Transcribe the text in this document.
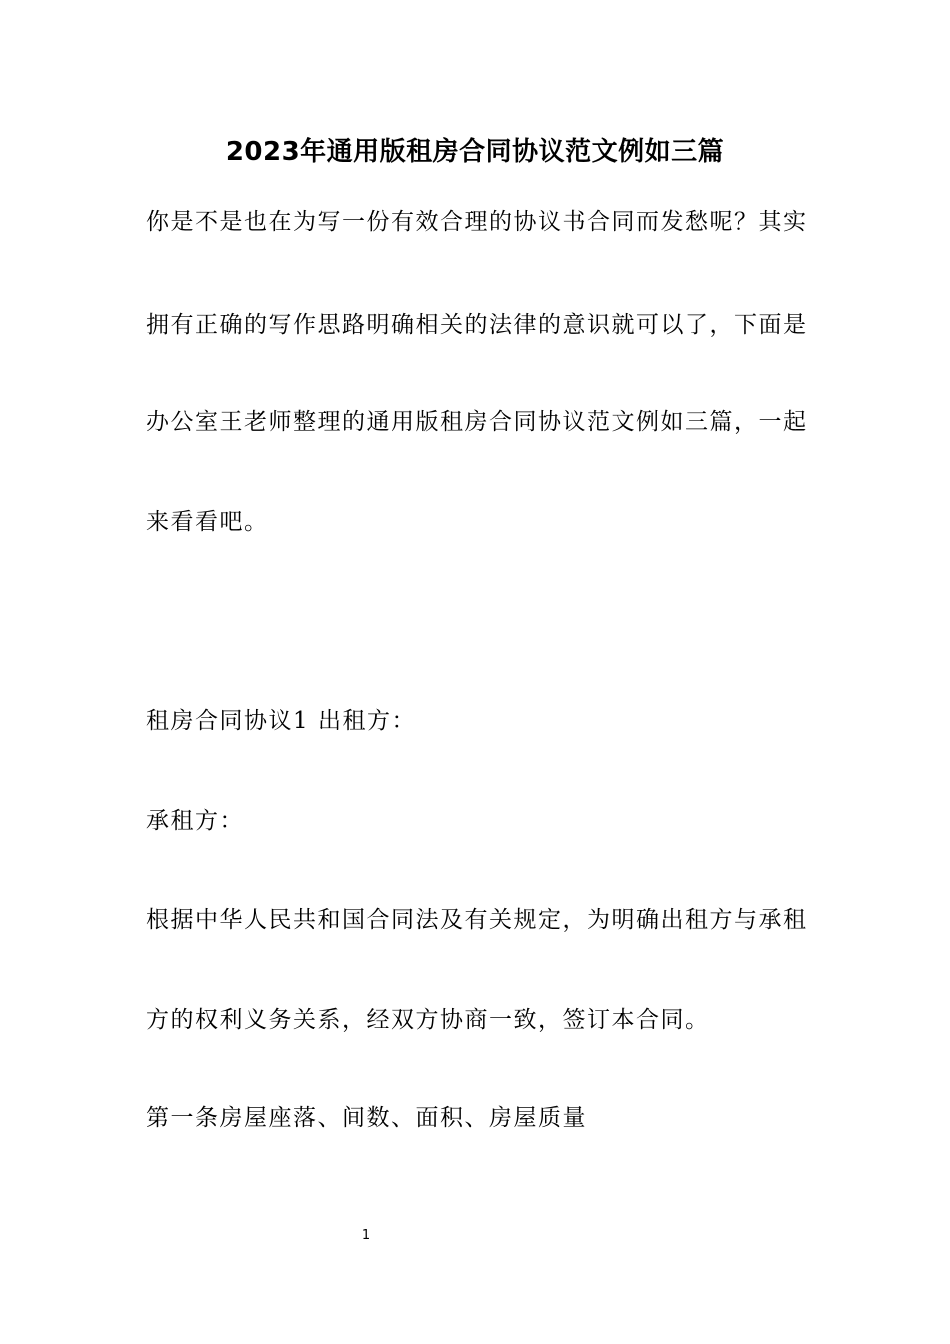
2023年通用版租房合同协议范文例如三篇
你是不是也在为写一份有效合理的协议书合同而发愁呢？其实
拥有正确的写作思路明确相关的法律的意识就可以了，下面是
办公室王老师整理的通用版租房合同协议范文例如三篇，一起
来看看吧。
租房合同协议1 出租方：
承租方：
根据中华人民共和国合同法及有关规定，为明确出租方与承租
方的权利义务关系，经双方协商一致，签订本合同。
第一条房屋座落、间数、面积、房屋质量
1
